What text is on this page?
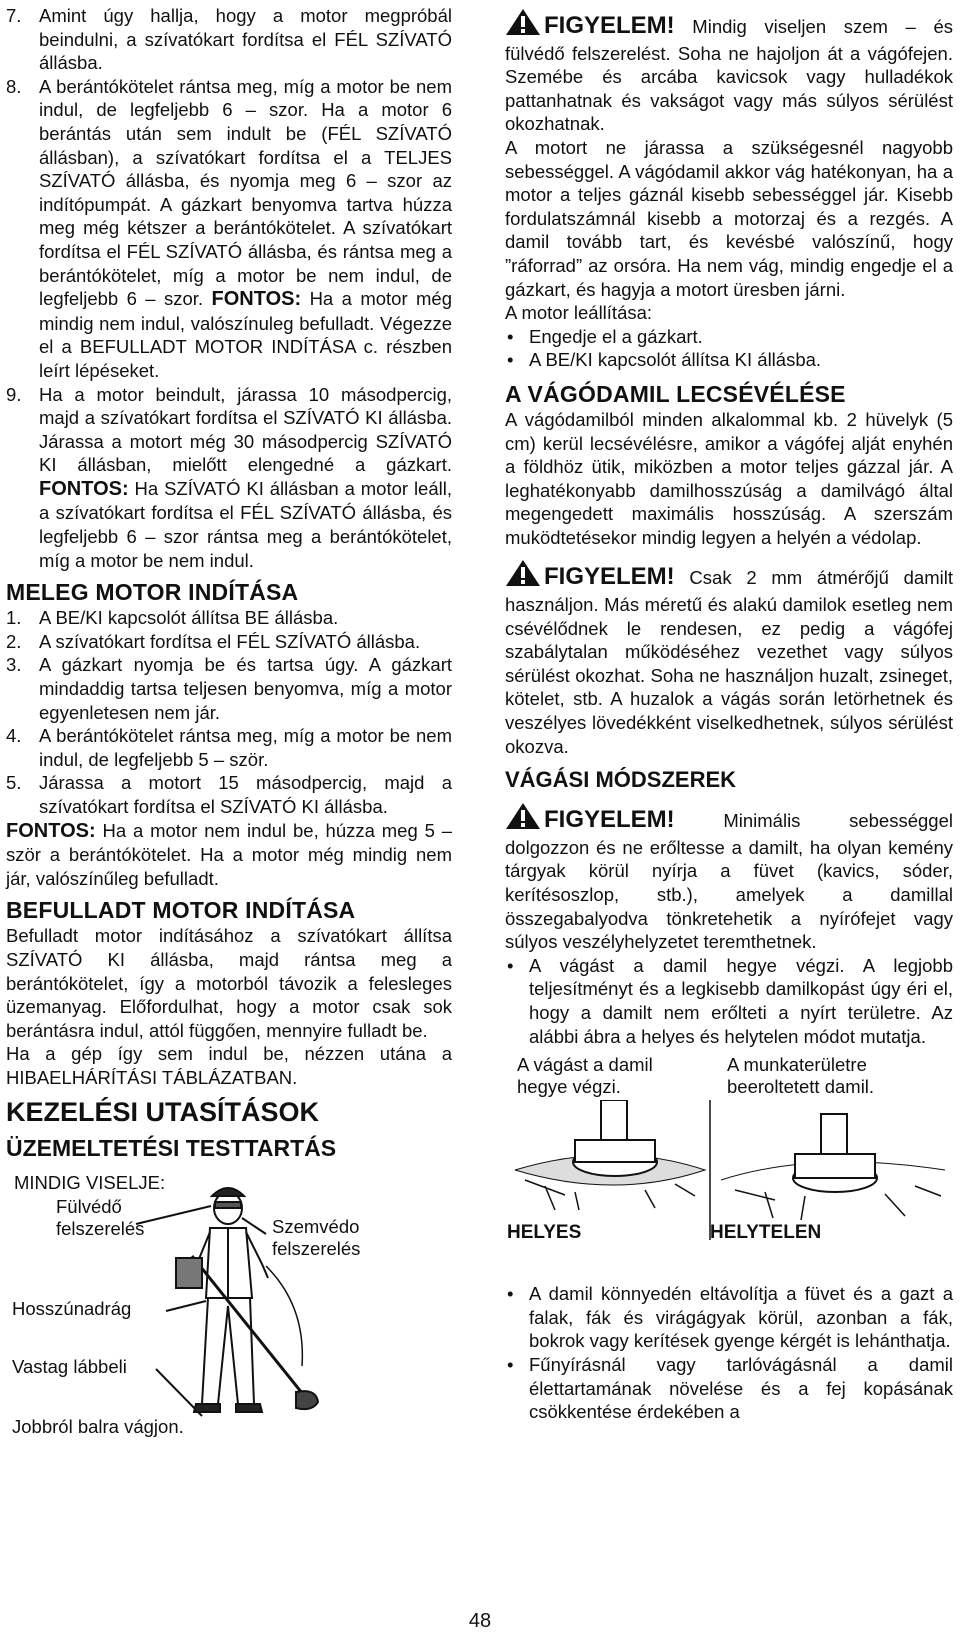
7. Amint úgy hallja, hogy a motor megpróbál beindulni, a szívatókart fordítsa el FÉL SZÍVATÓ állásba.
8. A berántókötelet rántsa meg, míg a motor be nem indul, de legfeljebb 6 – szor. Ha a motor 6 berántás után sem indult be (FÉL SZÍVATÓ állásban), a szívatókart fordítsa el a TELJES SZÍVATÓ állásba, és nyomja meg 6 – szor az indítópumpát. A gázkart benyomva tartva húzza meg még kétszer a berántókötelet. A szívatókart fordítsa el FÉL SZÍVATÓ állásba, és rántsa meg a berántókötelet, míg a motor be nem indul, de legfeljebb 6 – szor. FONTOS: Ha a motor még mindig nem indul, valószínuleg befulladt. Végezze el a BEFULLADT MOTOR INDÍTÁSA c. részben leírt lépéseket.
9. Ha a motor beindult, járassa 10 másodpercig, majd a szívatókart fordítsa el SZÍVATÓ KI állásba. Járassa a motort még 30 másodpercig SZÍVATÓ KI állásban, mielőtt elengedné a gázkart. FONTOS: Ha SZÍVATÓ KI állásban a motor leáll, a szívatókart fordítsa el FÉL SZÍVATÓ állásba, és legfeljebb 6 – szor rántsa meg a berántókötelet, míg a motor be nem indul.
MELEG MOTOR INDÍTÁSA
1. A BE/KI kapcsolót állítsa BE állásba.
2. A szívatókart fordítsa el FÉL SZÍVATÓ állásba.
3. A gázkart nyomja be és tartsa úgy. A gázkart mindaddig tartsa teljesen benyomva, míg a motor egyenletesen nem jár.
4. A berántókötelet rántsa meg, míg a motor be nem indul, de legfeljebb 5 – ször.
5. Járassa a motort 15 másodpercig, majd a szívatókart fordítsa el SZÍVATÓ KI állásba.

FONTOS: Ha a motor nem indul be, húzza meg 5 – ször a berántókötelet. Ha a motor még mindig nem jár, valószínűleg befulladt.

BEFULLADT MOTOR INDÍTÁSA

Befulladt motor indításához a szívatókart állítsa SZÍVATÓ KI állásba, majd rántsa meg a berántókötelet, így a motorból távozik a felesleges üzemanyag. Előfordulhat, hogy a motor csak sok berántásra indul, attól függően, mennyire fulladt be.

Ha a gép így sem indul be, nézzen utána a HIBAELHÁRÍTÁSI TÁBLÁZATBAN.

KEZELÉSI UTASÍTÁSOK
ÜZEMELTETÉSI TESTTARTÁS
MINDIG VISELJE:
Fülvédő felszerelés	Szemvédo felszerelés
Hosszúnadrág
Vastag lábbeli
Jobbról balra vágjon.

FIGYELEM! Mindig viseljen szem – és fülvédő felszerelést. Soha ne hajoljon át a vágófejen. Szemébe és arcába kavicsok vagy hulladékok pattanhatnak és vakságot vagy más súlyos sérülést okozhatnak.

A motort ne járassa a szükségesnél nagyobb sebességgel. A vágódamil akkor vág hatékonyan, ha a motor a teljes gáznál kisebb sebességgel jár. Kisebb fordulatszámnál kisebb a motorzaj és a rezgés. A damil tovább tart, és kevésbé valószínű, hogy ”ráforrad” az orsóra. Ha nem vág, mindig engedje el a gázkart, és hagyja a motort üresben járni.

A motor leállítása:

• Engedje el a gázkart.
• A BE/KI kapcsolót állítsa KI állásba.
A VÁGÓDAMIL LECSÉVÉLÉSE

A vágódamilból minden alkalommal kb. 2 hüvelyk (5 cm) kerül lecsévélésre, amikor a vágófej alját enyhén a földhöz ütik, miközben a motor teljes gázzal jár. A leghatékonyabb damilhosszúság a damilvágó által megengedett maximális hosszúság. A szerszám muködtetésekor mindig legyen a helyén a védolap.

FIGYELEM! Csak 2 mm átmérőjű damilt használjon. Más méretű és alakú damilok esetleg nem csévélődnek le rendesen, ez pedig a vágófej szabálytalan működéséhez vezethet vagy súlyos sérülést okozhat. Soha ne használjon huzalt, zsineget, kötelet, stb. A huzalok a vágás során letörhetnek és veszélyes lövedékként viselkedhetnek, súlyos sérülést okozva.

VÁGÁSI MÓDSZEREK

FIGYELEM!	Minimális sebességgel dolgozzon és ne erőltesse a damilt, ha olyan kemény tárgyak körül nyírja a füvet (kavics, sóder, kerítésoszlop, stb.), amelyek a damillal összegabalyodva tönkretehetik a nyírófejet vagy súlyos veszélyhelyzetet teremthetnek.

• A vágást a damil hegye végzi. A legjobb teljesítményt és a legkisebb damilkopást úgy éri el, hogy a damilt nem erőlteti a nyírt területre. Az alábbi ábra a helyes és helytelen módot mutatja.
A vágást a damil hegye végzi.
A munkaterületre beeroltetett damil.
HELYES	HELYTELEN
• A damil könnyedén eltávolítja a füvet és a gazt a falak, fák és virágágyak körül, azonban a fák, bokrok vagy kerítések gyenge kérgét is lehánthatja.
• Fűnyírásnál vagy tarlóvágásnál a damil élettartamának növelése és a fej kopásának csökkentése érdekében a
48
